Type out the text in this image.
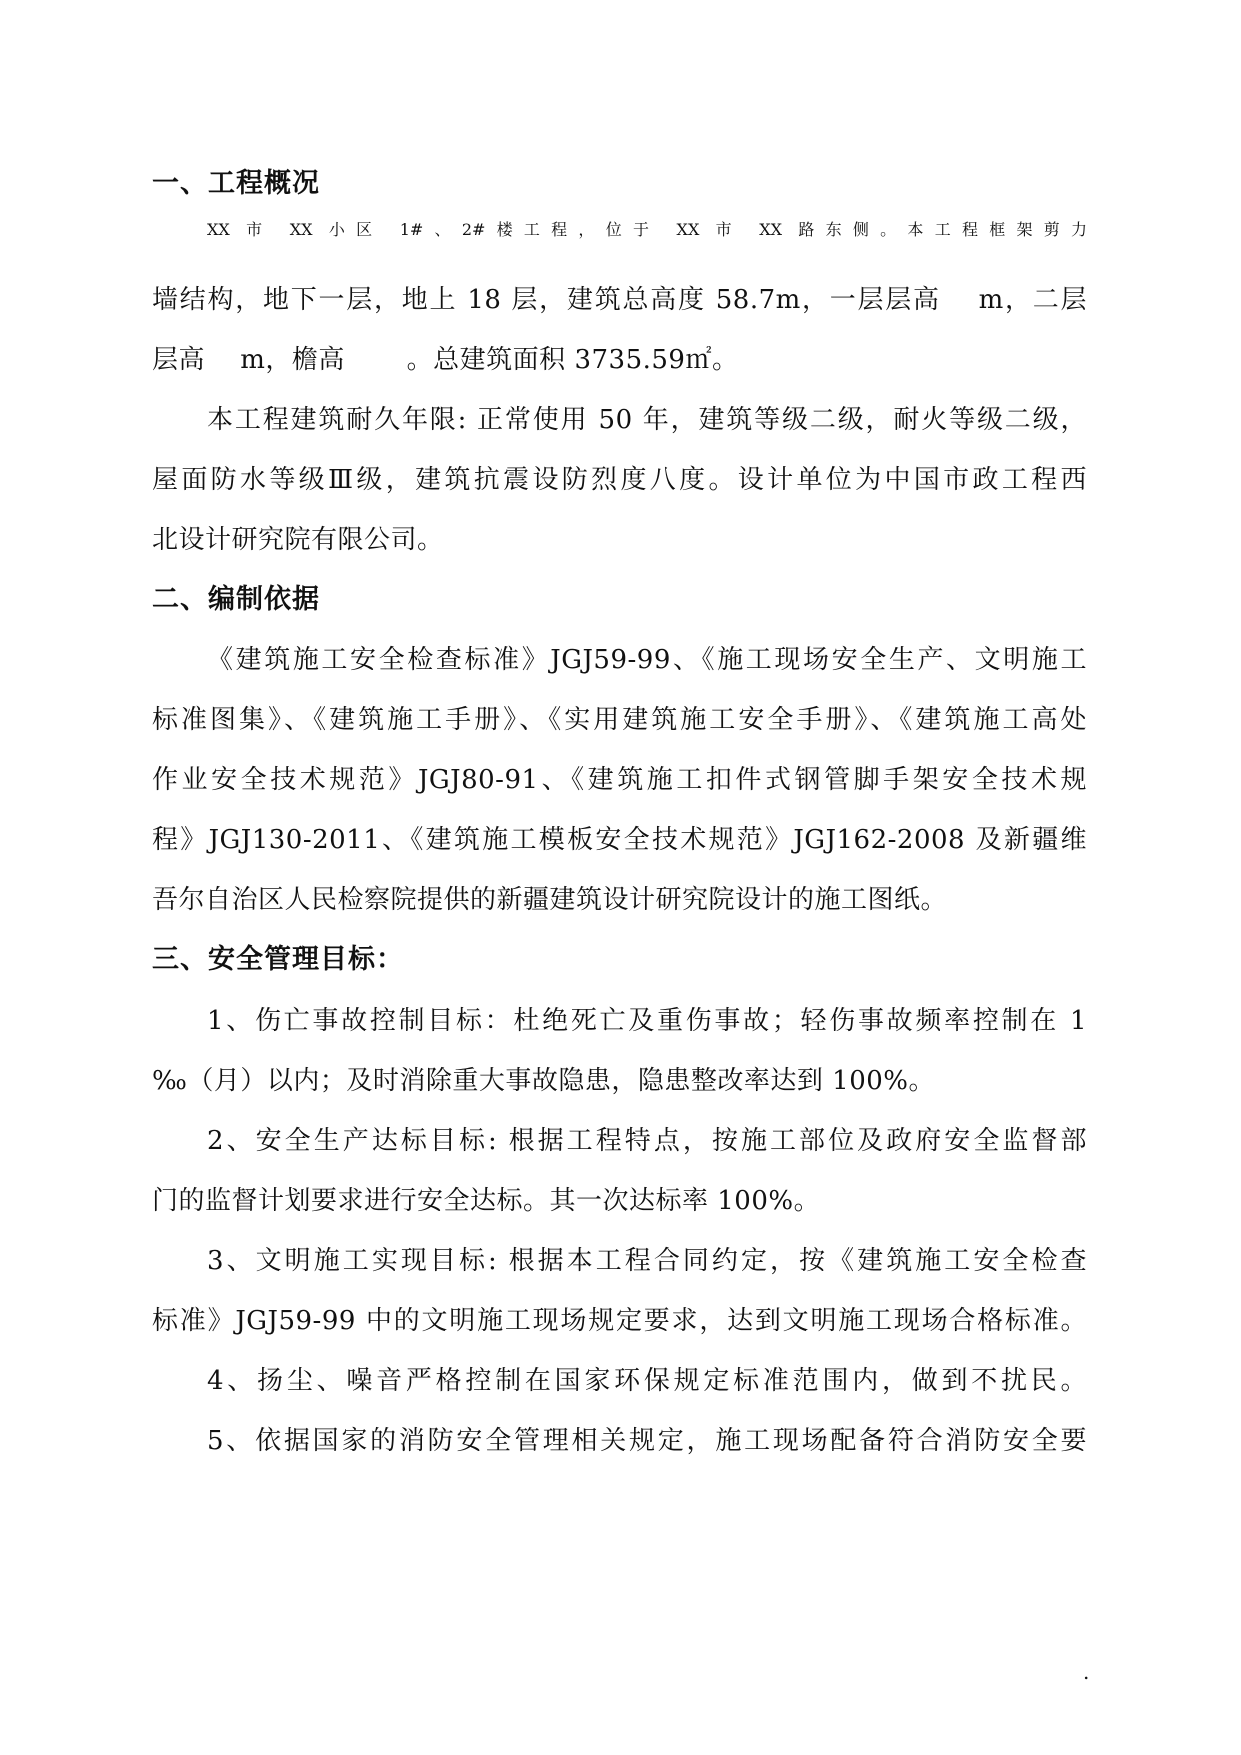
一、工程概况
XX 市 XX 小区 1#、2#楼工程，位于 XX 市 XX 路东侧。本工程框架剪力
墙结构，地下一层，地上 18 层，建筑总高度 58.7m，一层层高　 m，二层
层高　 m，檐高　 　。总建筑面积 3735.59㎡。
本工程建筑耐久年限: 正常使用 50 年，建筑等级二级，耐火等级二级，
屋面防水等级Ⅲ级，建筑抗震设防烈度八度。设计单位为中国市政工程西
北设计研究院有限公司。
二、编制依据
《建筑施工安全检查标准》JGJ59-99、《施工现场安全生产、文明施工
标准图集》、《建筑施工手册》、《实用建筑施工安全手册》、《建筑施工高处
作业安全技术规范》JGJ80-91、《建筑施工扣件式钢管脚手架安全技术规
程》JGJ130-2011、《建筑施工模板安全技术规范》JGJ162-2008 及新疆维
吾尔自治区人民检察院提供的新疆建筑设计研究院设计的施工图纸。
三、安全管理目标：
1、伤亡事故控制目标：杜绝死亡及重伤事故；轻伤事故频率控制在 1
‰（月）以内；及时消除重大事故隐患，隐患整改率达到 100%。
2、安全生产达标目标: 根据工程特点，按施工部位及政府安全监督部
门的监督计划要求进行安全达标。其一次达标率 100%。
3、文明施工实现目标: 根据本工程合同约定，按《建筑施工安全检查
标准》JGJ59-99 中的文明施工现场规定要求，达到文明施工现场合格标准。
4、扬尘、噪音严格控制在国家环保规定标准范围内，做到不扰民。
5、依据国家的消防安全管理相关规定，施工现场配备符合消防安全要
.
